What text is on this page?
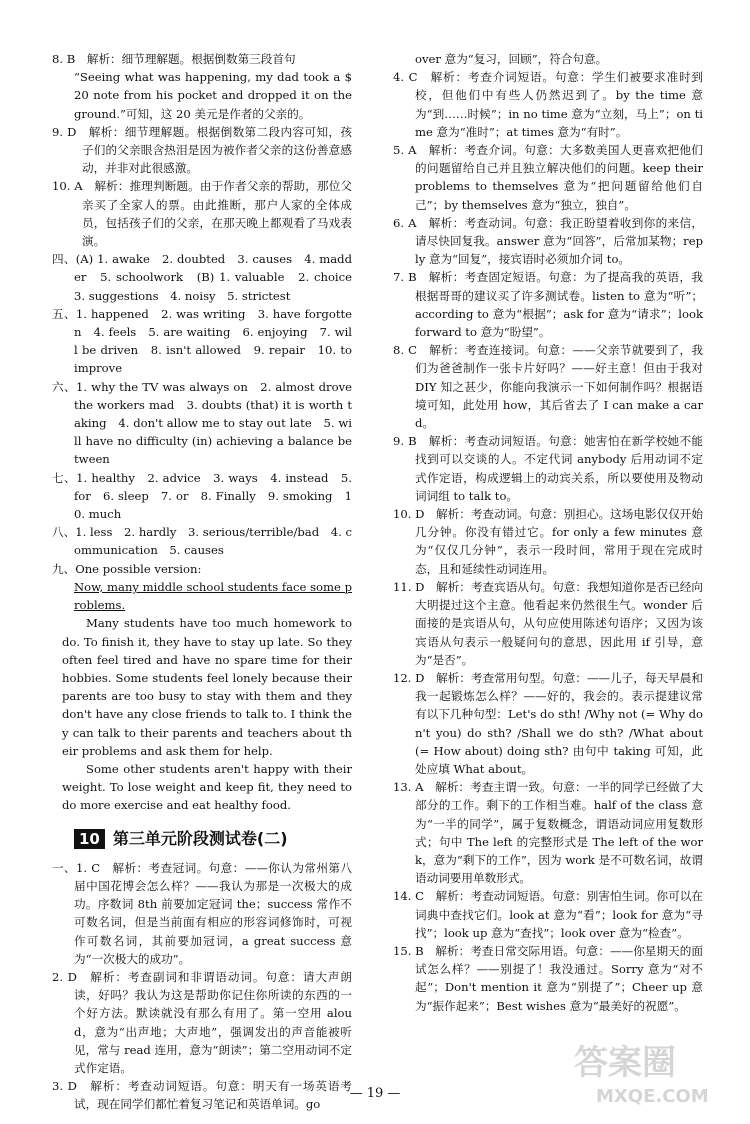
8. B　解析：细节理解题。根据倒数第三段首句

“Seeing what was happening, my dad took a $ 20 note from his pocket and dropped it on the ground.”可知，这 20 美元是作者的父亲的。

9. D　解析：细节理解题。根据倒数第二段内容可知，孩子们的父亲眼含热泪是因为被作者父亲的这份善意感动，并非对此很感激。

10. A　解析：推理判断题。由于作者父亲的帮助，那位父亲买了全家人的票。由此推断，那户人家的全体成员，包括孩子们的父亲，在那天晚上都观看了马戏表演。

四、(A) 1. awake　2. doubted　3. causes　4. madder　5. schoolwork　(B) 1. valuable　2. choice　3. suggestions　4. noisy　5. strictest

五、1. happened　2. was writing　3. have forgotten　4. feels　5. are waiting　6. enjoying　7. will be driven　8. isn't allowed　9. repair　10. to improve

六、1. why the TV was always on　2. almost drove the workers mad　3. doubts (that) it is worth taking　4. don't allow me to stay out late　5. will have no difficulty (in) achieving a balance between

七、1. healthy　2. advice　3. ways　4. instead　5. for　6. sleep　7. or　8. Finally　9. smoking　10. much

八、1. less　2. hardly　3. serious/terrible/bad　4. communication　5. causes

九、One possible version:

Now, many middle school students face some problems.

Many students have too much homework to do. To finish it, they have to stay up late. So they often feel tired and have no spare time for their hobbies. Some students feel lonely because their parents are too busy to stay with them and they don't have any close friends to talk to. I think they can talk to their parents and teachers about their problems and ask them for help.

Some other students aren't happy with their weight. To lose weight and keep fit, they need to do more exercise and eat healthy food.

10 第三单元阶段测试卷(二)

一、1. C　解析：考查冠词。句意：——你认为常州第八届中国花博会怎么样？——我认为那是一次极大的成功。序数词 8th 前要加定冠词 the；success 常作不可数名词，但是当前面有相应的形容词修饰时，可视作可数名词，其前要加冠词，a great success 意为“一次极大的成功”。

2. D　解析：考查副词和非谓语动词。句意：请大声朗读，好吗？我认为这是帮助你记住你所读的东西的一个好方法。默读就没有那么有用了。第一空用 aloud，意为“出声地；大声地”，强调发出的声音能被听见，常与 read 连用，意为“朗读”；第二空用动词不定式作定语。

3. D　解析：考查动词短语。句意：明天有一场英语考试，现在同学们都忙着复习笔记和英语单词。go

over 意为“复习，回顾”，符合句意。

4. C　解析：考查介词短语。句意：学生们被要求准时到校，但他们中有些人仍然迟到了。by the time 意为“到……时候”；in no time 意为“立刻，马上”；on time 意为“准时”；at times 意为“有时”。

5. A　解析：考查介词。句意：大多数美国人更喜欢把他们的问题留给自己并且独立解决他们的问题。keep their problems to themselves 意为“把问题留给他们自己”；by themselves 意为“独立，独自”。

6. A　解析：考查动词。句意：我正盼望着收到你的来信，请尽快回复我。answer 意为“回答”，后常加某物；reply 意为“回复”，接宾语时必须加介词 to。

7. B　解析：考查固定短语。句意：为了提高我的英语，我根据哥哥的建议买了许多测试卷。listen to 意为“听”；according to 意为“根据”；ask for 意为“请求”；look forward to 意为“盼望”。

8. C　解析：考查连接词。句意：——父亲节就要到了，我们为爸爸制作一张卡片好吗？——好主意！但由于我对 DIY 知之甚少，你能向我演示一下如何制作吗？根据语境可知，此处用 how，其后省去了 I can make a card。

9. B　解析：考查动词短语。句意：她害怕在新学校她不能找到可以交谈的人。不定代词 anybody 后用动词不定式作定语，构成逻辑上的动宾关系，所以要使用及物动词词组 to talk to。

10. D　解析：考查动词。句意：别担心。这场电影仅仅开始几分钟。你没有错过它。for only a few minutes 意为“仅仅几分钟”，表示一段时间，常用于现在完成时态，且和延续性动词连用。

11. D　解析：考查宾语从句。句意：我想知道你是否已经向大明提过这个主意。他看起来仍然很生气。wonder 后面接的是宾语从句，从句应使用陈述句语序；又因为该宾语从句表示一般疑问句的意思，因此用 if 引导，意为“是否”。

12. D　解析：考查常用句型。句意：——儿子，每天早晨和我一起锻炼怎么样？——好的，我会的。表示提建议常有以下几种句型：Let's do sth! /Why not (= Why don't you) do sth? /Shall we do sth? /What about (= How about) doing sth? 由句中 taking 可知，此处应填 What about。

13. A　解析：考查主谓一致。句意：一半的同学已经做了大部分的工作。剩下的工作相当难。half of the class 意为“一半的同学”，属于复数概念，谓语动词应用复数形式；句中 The left 的完整形式是 The left of the work，意为“剩下的工作”，因为 work 是不可数名词，故谓语动词要用单数形式。

14. C　解析：考查动词短语。句意：别害怕生词。你可以在词典中查找它们。look at 意为“看”；look for 意为“寻找”；look up 意为“查找”；look over 意为“检查”。

15. B　解析：考查日常交际用语。句意：——你星期天的面试怎么样？——别提了！我没通过。Sorry 意为“对不起”；Don't mention it 意为“别提了”；Cheer up 意为“振作起来”；Best wishes 意为“最美好的祝愿”。

— 19 —
答案圈
MXQE.COM
